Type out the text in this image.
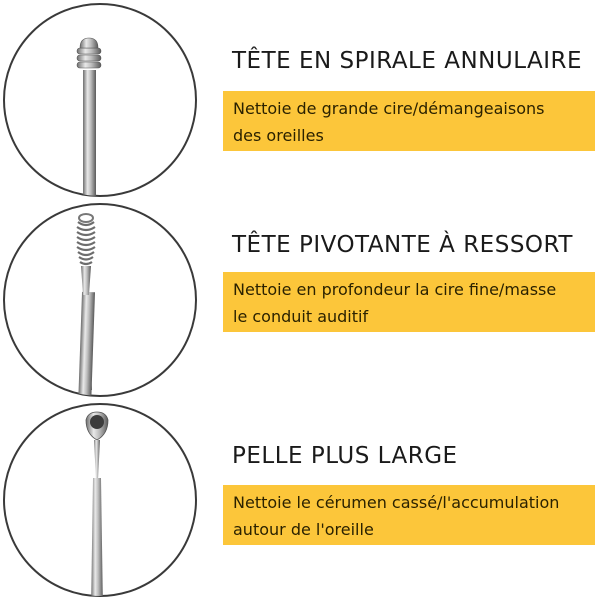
TÊTE EN SPIRALE ANNULAIRE
Nettoie de grande cire/démangeaisons
des oreilles
TÊTE PIVOTANTE À RESSORT
Nettoie en profondeur la cire fine/masse
le conduit auditif
PELLE PLUS LARGE
Nettoie le cérumen cassé/l'accumulation
autour de l'oreille
